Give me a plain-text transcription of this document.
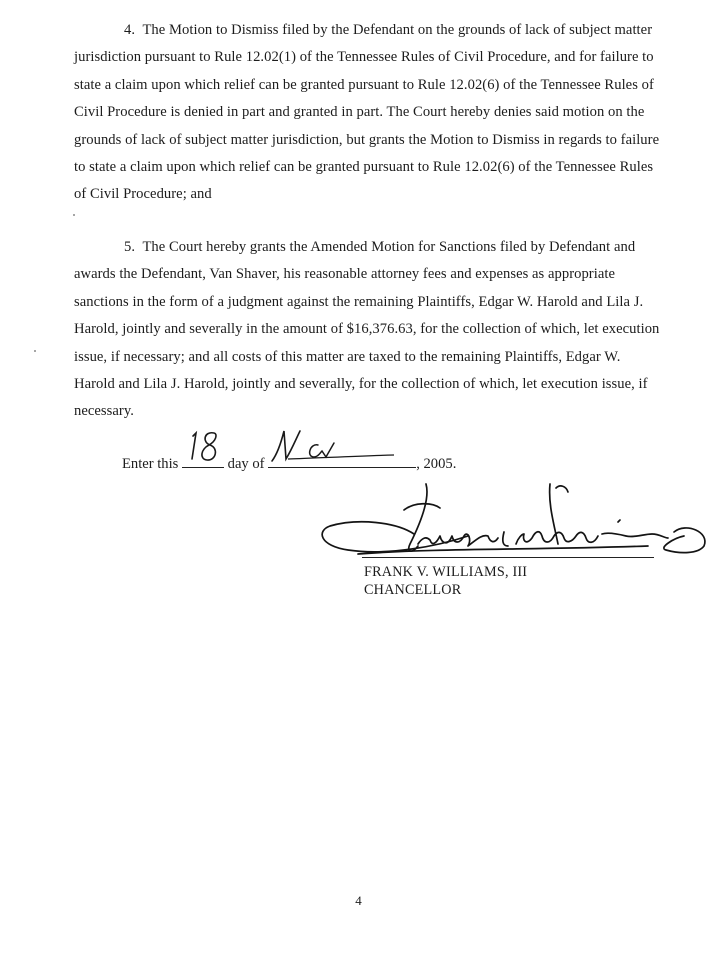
4. The Motion to Dismiss filed by the Defendant on the grounds of lack of subject matter jurisdiction pursuant to Rule 12.02(1) of the Tennessee Rules of Civil Procedure, and for failure to state a claim upon which relief can be granted pursuant to Rule 12.02(6) of the Tennessee Rules of Civil Procedure is denied in part and granted in part. The Court hereby denies said motion on the grounds of lack of subject matter jurisdiction, but grants the Motion to Dismiss in regards to failure to state a claim upon which relief can be granted pursuant to Rule 12.02(6) of the Tennessee Rules of Civil Procedure; and

5. The Court hereby grants the Amended Motion for Sanctions filed by Defendant and awards the Defendant, Van Shaver, his reasonable attorney fees and expenses as appropriate sanctions in the form of a judgment against the remaining Plaintiffs, Edgar W. Harold and Lila J. Harold, jointly and severally in the amount of $16,376.63, for the collection of which, let execution issue, if necessary; and all costs of this matter are taxed to the remaining Plaintiffs, Edgar W. Harold and Lila J. Harold, jointly and severally, for the collection of which, let execution issue, if necessary.

Enter this	day of	, 2005.
FRANK V. WILLIAMS, III
CHANCELLOR
4
